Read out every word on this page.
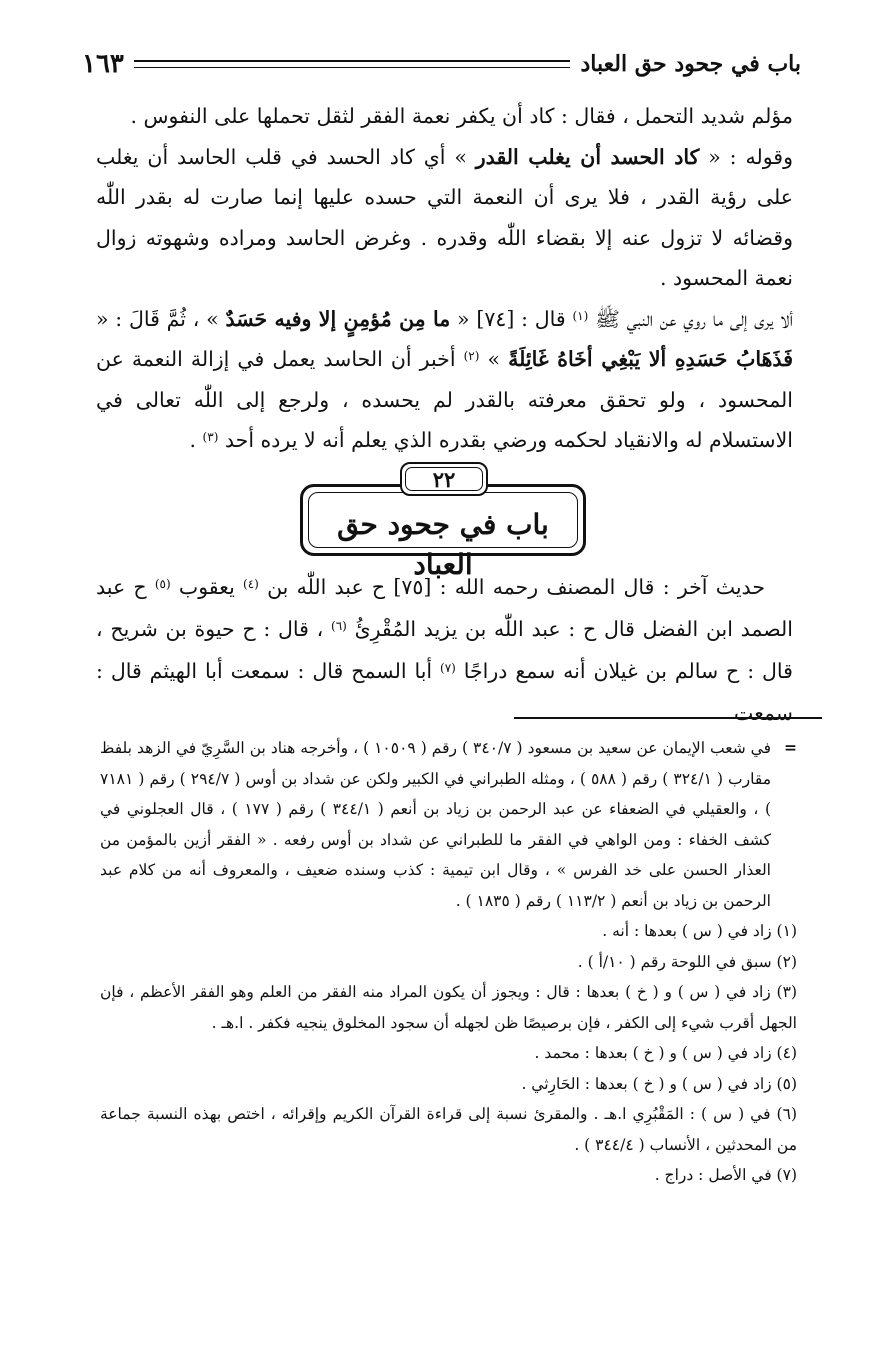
باب في جحود حق العباد
١٦٣

مؤلم شديد التحمل ، فقال : كاد أن يكفر نعمة الفقر لثقل تحملها على النفوس .

وقوله : « كاد الحسد أن يغلب القدر » أي كاد الحسد في قلب الحاسد أن يغلب على رؤية القدر ، فلا يرى أن النعمة التي حسده عليها إنما صارت له بقدر اللّٰه وقضائه لا تزول عنه إلا بقضاء اللّٰه وقدره . وغرض الحاسد ومراده وشهوته زوال نعمة المحسود .

ألا يرى إلى ما روي عن النبي ﷺ $^{(١)}$ قال : [٧٤] « ما مِن مُؤمِنٍ إلا وفيه حَسَدٌ » ، ثُمَّ قَالَ : « فَذَهَابُ حَسَدِهِ ألا يَبْغِي أخَاهُ غَائِلَةً » $^{(٢)}$ أخبر أن الحاسد يعمل في إزالة النعمة عن المحسود ، ولو تحقق معرفته بالقدر لم يحسده ، ولرجع إلى اللّٰه تعالى في الاستسلام له والانقياد لحكمه ورضي بقدره الذي يعلم أنه لا يرده أحد $^{(٣)}$ .

٢٢
باب في جحود حق العباد

حديث آخر : قال المصنف رحمه الله : [٧٥] ح عبد اللّٰه بن $^{(٤)}$ يعقوب $^{(٥)}$ ح عبد الصمد ابن الفضل قال ح : عبد اللّٰه بن يزيد المُقْرِئُ $^{(٦)}$ ، قال : ح حيوة بن شريح ، قال : ح سالم بن غيلان أنه سمع دراجًا $^{(٧)}$ أبا السمح قال : سمعت أبا الهيثم قال : سمعت

=
في شعب الإيمان عن سعيد بن مسعود ( ٣٤٠/٧ ) رقم ( ١٠٥٠٩ ) ، وأخرجه هناد بن السَّرِيّ في الزهد بلفظ مقارب ( ٣٢٤/١ ) رقم ( ٥٨٨ ) ، ومثله الطبراني في الكبير ولكن عن شداد بن أوس ( ٢٩٤/٧ ) رقم ( ٧١٨١ ) ، والعقيلي في الضعفاء عن عبد الرحمن بن زياد بن أنعم ( ٣٤٤/١ ) رقم ( ١٧٧ ) ، قال العجلوني في كشف الخفاء : ومن الواهي في الفقر ما للطبراني عن شداد بن أوس رفعه . « الفقر أزين بالمؤمن من العذار الحسن على خد الفرس » ، وقال ابن تيمية : كذب وسنده ضعيف ، والمعروف أنه من كلام عبد الرحمن بن زياد بن أنعم ( ١١٣/٢ ) رقم ( ١٨٣٥ ) .

(١) زاد في ( س ) بعدها : أنه .

(٢) سبق في اللوحة رقم ( ١٠/أ ) .

(٣) زاد في ( س ) و ( خ ) بعدها : قال : ويجوز أن يكون المراد منه الفقر من العلم وهو الفقر الأعظم ، فإن الجهل أقرب شيء إلى الكفر ، فإن برصيصًا ظن لجهله أن سجود المخلوق ينجيه فكفر . ا.هـ .

(٤) زاد في ( س ) و ( خ ) بعدها : محمد .

(٥) زاد في ( س ) و ( خ ) بعدها : الحَارِثي .

(٦) في ( س ) : المَقْبُرِي ا.هـ . والمقرئ نسبة إلى قراءة القرآن الكريم وإقرائه ، اختص بهذه النسبة جماعة من المحدثين ، الأنساب ( ٣٤٤/٤ ) .

(٧) في الأصل : دراج .
